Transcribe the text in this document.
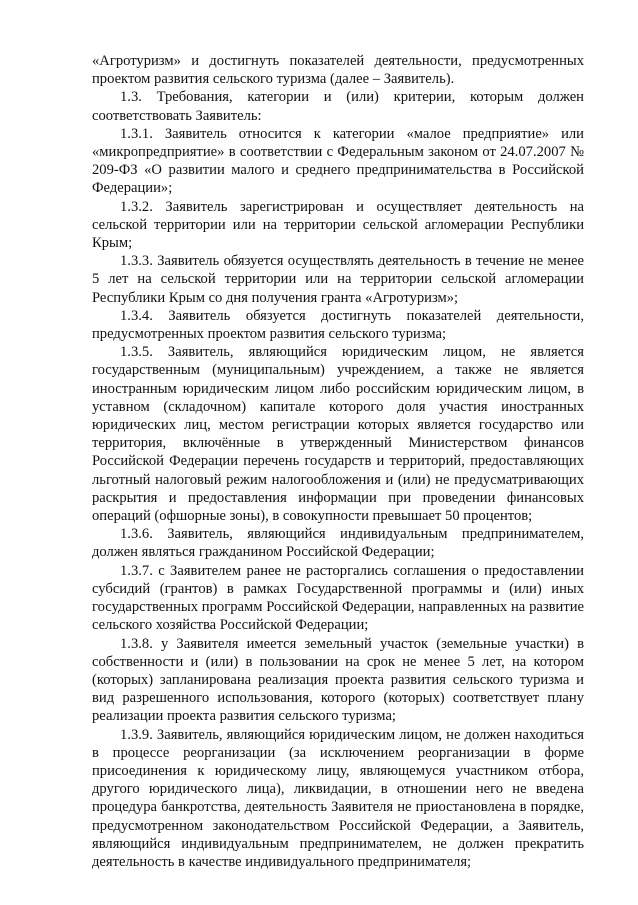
«Агротуризм» и достигнуть показателей деятельности, предусмотренных проектом развития сельского туризма (далее – Заявитель).

1.3. Требования, категории и (или) критерии, которым должен соответствовать Заявитель:

1.3.1. Заявитель относится к категории «малое предприятие» или «микропредприятие» в соответствии с Федеральным законом от 24.07.2007 № 209-ФЗ «О развитии малого и среднего предпринимательства в Российской Федерации»;

1.3.2. Заявитель зарегистрирован и осуществляет деятельность на сельской территории или на территории сельской агломерации Республики Крым;

1.3.3. Заявитель обязуется осуществлять деятельность в течение не менее 5 лет на сельской территории или на территории сельской агломерации Республики Крым со дня получения гранта «Агротуризм»;

1.3.4. Заявитель обязуется достигнуть показателей деятельности, предусмотренных проектом развития сельского туризма;

1.3.5. Заявитель, являющийся юридическим лицом, не является государственным (муниципальным) учреждением, а также не является иностранным юридическим лицом либо российским юридическим лицом, в уставном (складочном) капитале которого доля участия иностранных юридических лиц, местом регистрации которых является государство или территория, включённые в утвержденный Министерством финансов Российской Федерации перечень государств и территорий, предоставляющих льготный налоговый режим налогообложения и (или) не предусматривающих раскрытия и предоставления информации при проведении финансовых операций (офшорные зоны), в совокупности превышает 50 процентов;

1.3.6. Заявитель, являющийся индивидуальным предпринимателем, должен являться гражданином Российской Федерации;

1.3.7. с Заявителем ранее не расторгались соглашения о предоставлении субсидий (грантов) в рамках Государственной программы и (или) иных государственных программ Российской Федерации, направленных на развитие сельского хозяйства Российской Федерации;

1.3.8. у Заявителя имеется земельный участок (земельные участки) в собственности и (или) в пользовании на срок не менее 5 лет, на котором (которых) запланирована реализация проекта развития сельского туризма и вид разрешенного использования, которого (которых) соответствует плану реализации проекта развития сельского туризма;

1.3.9. Заявитель, являющийся юридическим лицом, не должен находиться в процессе реорганизации (за исключением реорганизации в форме присоединения к юридическому лицу, являющемуся участником отбора, другого юридического лица), ликвидации, в отношении него не введена процедура банкротства, деятельность Заявителя не приостановлена в порядке, предусмотренном законодательством Российской Федерации, а Заявитель, являющийся индивидуальным предпринимателем, не должен прекратить деятельность в качестве индивидуального предпринимателя;
